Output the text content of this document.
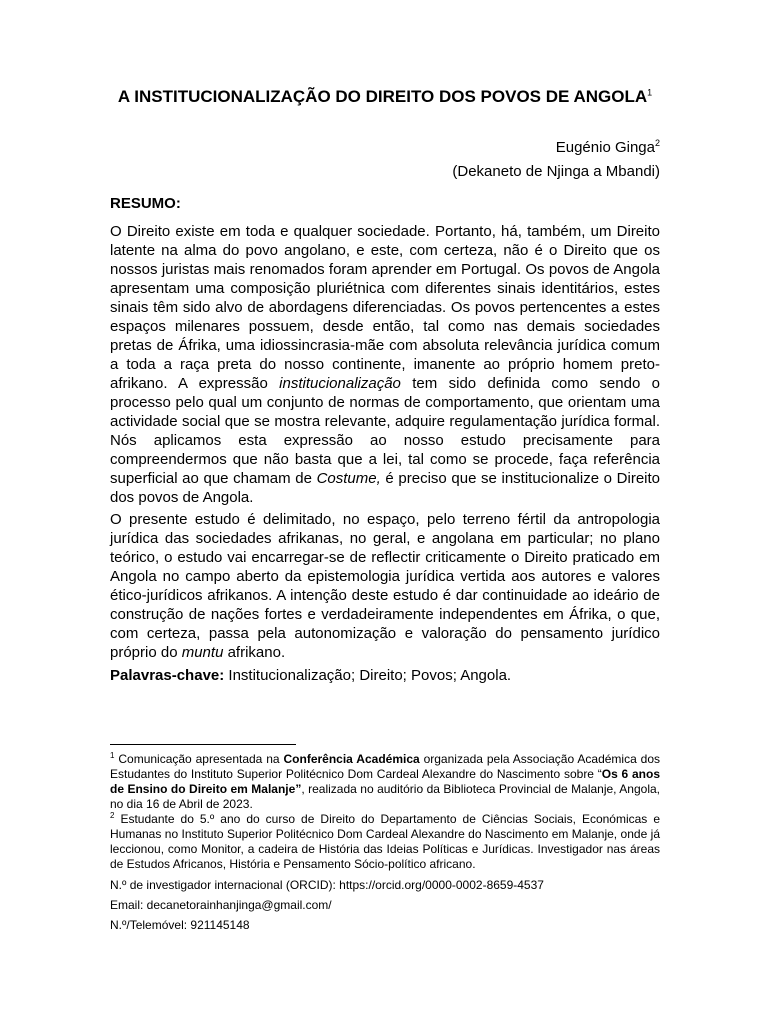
A INSTITUCIONALIZAÇÃO DO DIREITO DOS POVOS DE ANGOLA$^1$
Eugénio Ginga$^2$
(Dekaneto de Njinga a Mbandi)
RESUMO:

O Direito existe em toda e qualquer sociedade. Portanto, há, também, um Direito latente na alma do povo angolano, e este, com certeza, não é o Direito que os nossos juristas mais renomados foram aprender em Portugal. Os povos de Angola apresentam uma composição pluriétnica com diferentes sinais identitários, estes sinais têm sido alvo de abordagens diferenciadas. Os povos pertencentes a estes espaços milenares possuem, desde então, tal como nas demais sociedades pretas de Áfrika, uma idiossincrasia-mãe com absoluta relevância jurídica comum a toda a raça preta do nosso continente, imanente ao próprio homem preto-afrikano. A expressão institucionalização tem sido definida como sendo o processo pelo qual um conjunto de normas de comportamento, que orientam uma actividade social que se mostra relevante, adquire regulamentação jurídica formal. Nós aplicamos esta expressão ao nosso estudo precisamente para compreendermos que não basta que a lei, tal como se procede, faça referência superficial ao que chamam de Costume, é preciso que se institucionalize o Direito dos povos de Angola.

O presente estudo é delimitado, no espaço, pelo terreno fértil da antropologia jurídica das sociedades afrikanas, no geral, e angolana em particular; no plano teórico, o estudo vai encarregar-se de reflectir criticamente o Direito praticado em Angola no campo aberto da epistemologia jurídica vertida aos autores e valores ético-jurídicos afrikanos. A intenção deste estudo é dar continuidade ao ideário de construção de nações fortes e verdadeiramente independentes em Áfrika, o que, com certeza, passa pela autonomização e valoração do pensamento jurídico próprio do muntu afrikano.

Palavras-chave: Institucionalização; Direito; Povos; Angola.

$^1$ Comunicação apresentada na Conferência Académica organizada pela Associação Académica dos Estudantes do Instituto Superior Politécnico Dom Cardeal Alexandre do Nascimento sobre “Os 6 anos de Ensino do Direito em Malanje”, realizada no auditório da Biblioteca Provincial de Malanje, Angola, no dia 16 de Abril de 2023.

$^2$ Estudante do 5.º ano do curso de Direito do Departamento de Ciências Sociais, Económicas e Humanas no Instituto Superior Politécnico Dom Cardeal Alexandre do Nascimento em Malanje, onde já leccionou, como Monitor, a cadeira de História das Ideias Políticas e Jurídicas. Investigador nas áreas de Estudos Africanos, História e Pensamento Sócio-político africano.

N.º de investigador internacional (ORCID): https://orcid.org/0000-0002-8659-4537
Email: decanetorainhanjinga@gmail.com/
N.º/Telemóvel: 921145148
